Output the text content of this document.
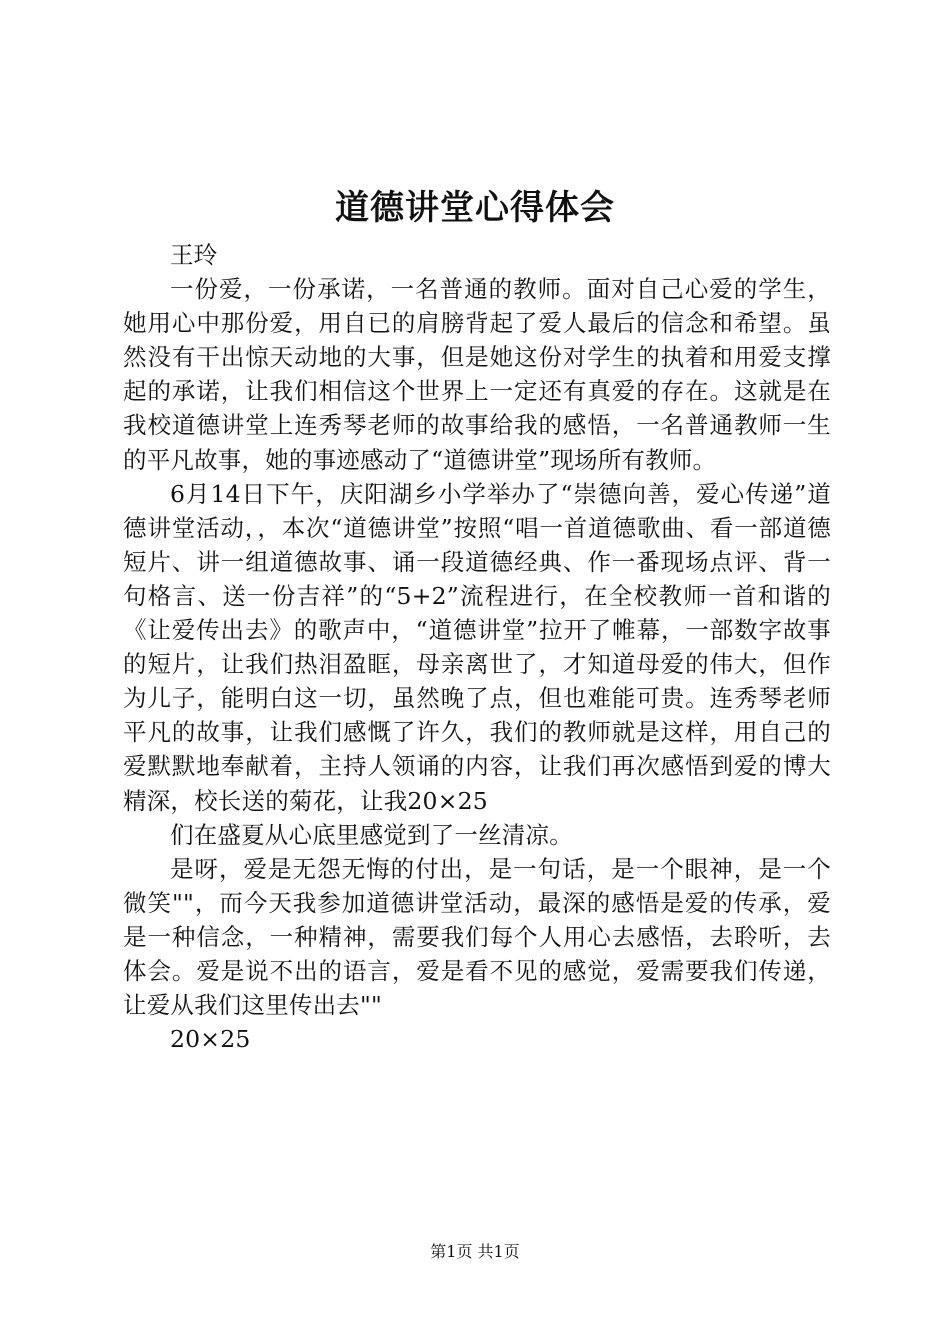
道德讲堂心得体会

王玲

一份爱，一份承诺，一名普通的教师。面对自己心爱的学生，她用心中那份爱，用自已的肩膀背起了爱人最后的信念和希望。虽然没有干出惊天动地的大事，但是她这份对学生的执着和用爱支撑起的承诺，让我们相信这个世界上一定还有真爱的存在。这就是在我校道德讲堂上连秀琴老师的故事给我的感悟，一名普通教师一生的平凡故事，她的事迹感动了“道德讲堂”现场所有教师。

6月14日下午，庆阳湖乡小学举办了“崇德向善，爱心传递”道德讲堂活动，，本次“道德讲堂”按照“唱一首道德歌曲、看一部道德短片、讲一组道德故事、诵一段道德经典、作一番现场点评、背一句格言、送一份吉祥”的“5+2”流程进行，在全校教师一首和谐的《让爱传出去》的歌声中，“道德讲堂”拉开了帷幕，一部数字故事的短片，让我们热泪盈眶，母亲离世了，才知道母爱的伟大，但作为儿子，能明白这一切，虽然晚了点，但也难能可贵。连秀琴老师平凡的故事，让我们感慨了许久，我们的教师就是这样，用自己的爱默默地奉献着，主持人领诵的内容，让我们再次感悟到爱的博大精深，校长送的菊花，让我20×25

们在盛夏从心底里感觉到了一丝清凉。

是呀，爱是无怨无悔的付出，是一句话，是一个眼神，是一个微笑""，而今天我参加道德讲堂活动，最深的感悟是爱的传承，爱是一种信念，一种精神，需要我们每个人用心去感悟，去聆听，去体会。爱是说不出的语言，爱是看不见的感觉，爱需要我们传递，让爱从我们这里传出去""

20×25

第1页 共1页
